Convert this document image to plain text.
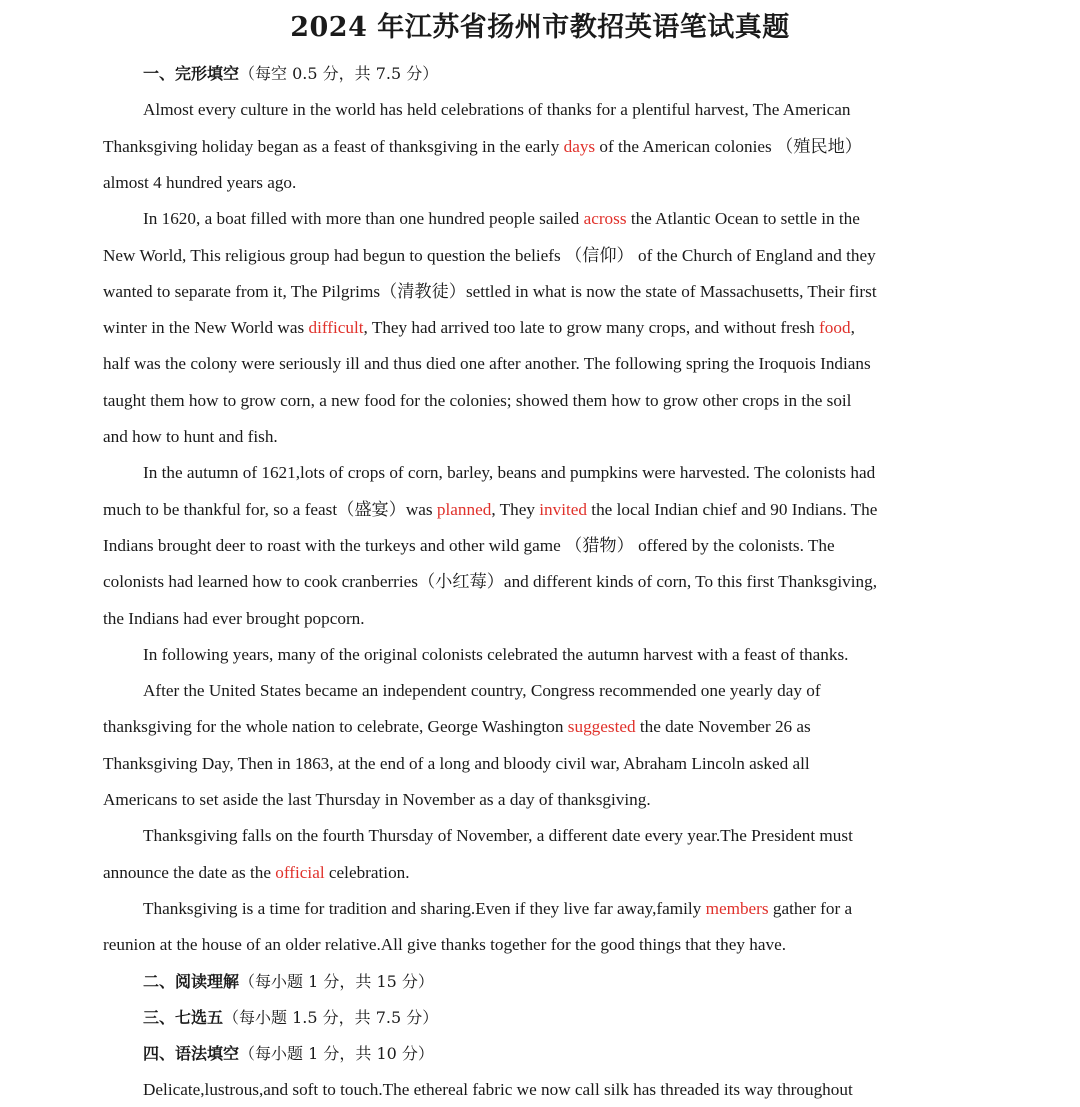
2024 年江苏省扬州市教招英语笔试真题
一、完形填空（每空 0.5 分，共 7.5 分）
Almost every culture in the world has held celebrations of thanks for a plentiful harvest, The American
Thanksgiving holiday began as a feast of thanksgiving in the early days of the American colonies （殖民地）
almost 4 hundred years ago.
In 1620, a boat filled with more than one hundred people sailed across the Atlantic Ocean to settle in the
New World, This religious group had begun to question the beliefs （信仰） of the Church of England and they
wanted to separate from it, The Pilgrims（清教徒）settled in what is now the state of Massachusetts, Their first
winter in the New World was difficult, They had arrived too late to grow many crops, and without fresh food,
half was the colony were seriously ill and thus died one after another. The following spring the Iroquois Indians
taught them how to grow corn, a new food for the colonies; showed them how to grow other crops in the soil
and how to hunt and fish.
In the autumn of 1621,lots of crops of corn, barley, beans and pumpkins were harvested. The colonists had
much to be thankful for, so a feast（盛宴）was planned, They invited the local Indian chief and 90 Indians. The
Indians brought deer to roast with the turkeys and other wild game （猎物） offered by the colonists. The
colonists had learned how to cook cranberries（小红莓）and different kinds of corn, To this first Thanksgiving,
the Indians had ever brought popcorn.
In following years, many of the original colonists celebrated the autumn harvest with a feast of thanks.
After the United States became an independent country, Congress recommended one yearly day of
thanksgiving for the whole nation to celebrate, George Washington suggested the date November 26 as
Thanksgiving Day, Then in 1863, at the end of a long and bloody civil war, Abraham Lincoln asked all
Americans to set aside the last Thursday in November as a day of thanksgiving.
Thanksgiving falls on the fourth Thursday of November, a different date every year.The President must
announce the date as the official celebration.
Thanksgiving is a time for tradition and sharing.Even if they live far away,family members gather for a
reunion at the house of an older relative.All give thanks together for the good things that they have.
二、阅读理解（每小题 1 分，共 15 分）
三、七选五（每小题 1.5 分，共 7.5 分）
四、语法填空（每小题 1 分，共 10 分）
Delicate,lustrous,and soft to touch.The ethereal fabric we now call silk has threaded its way throughout
